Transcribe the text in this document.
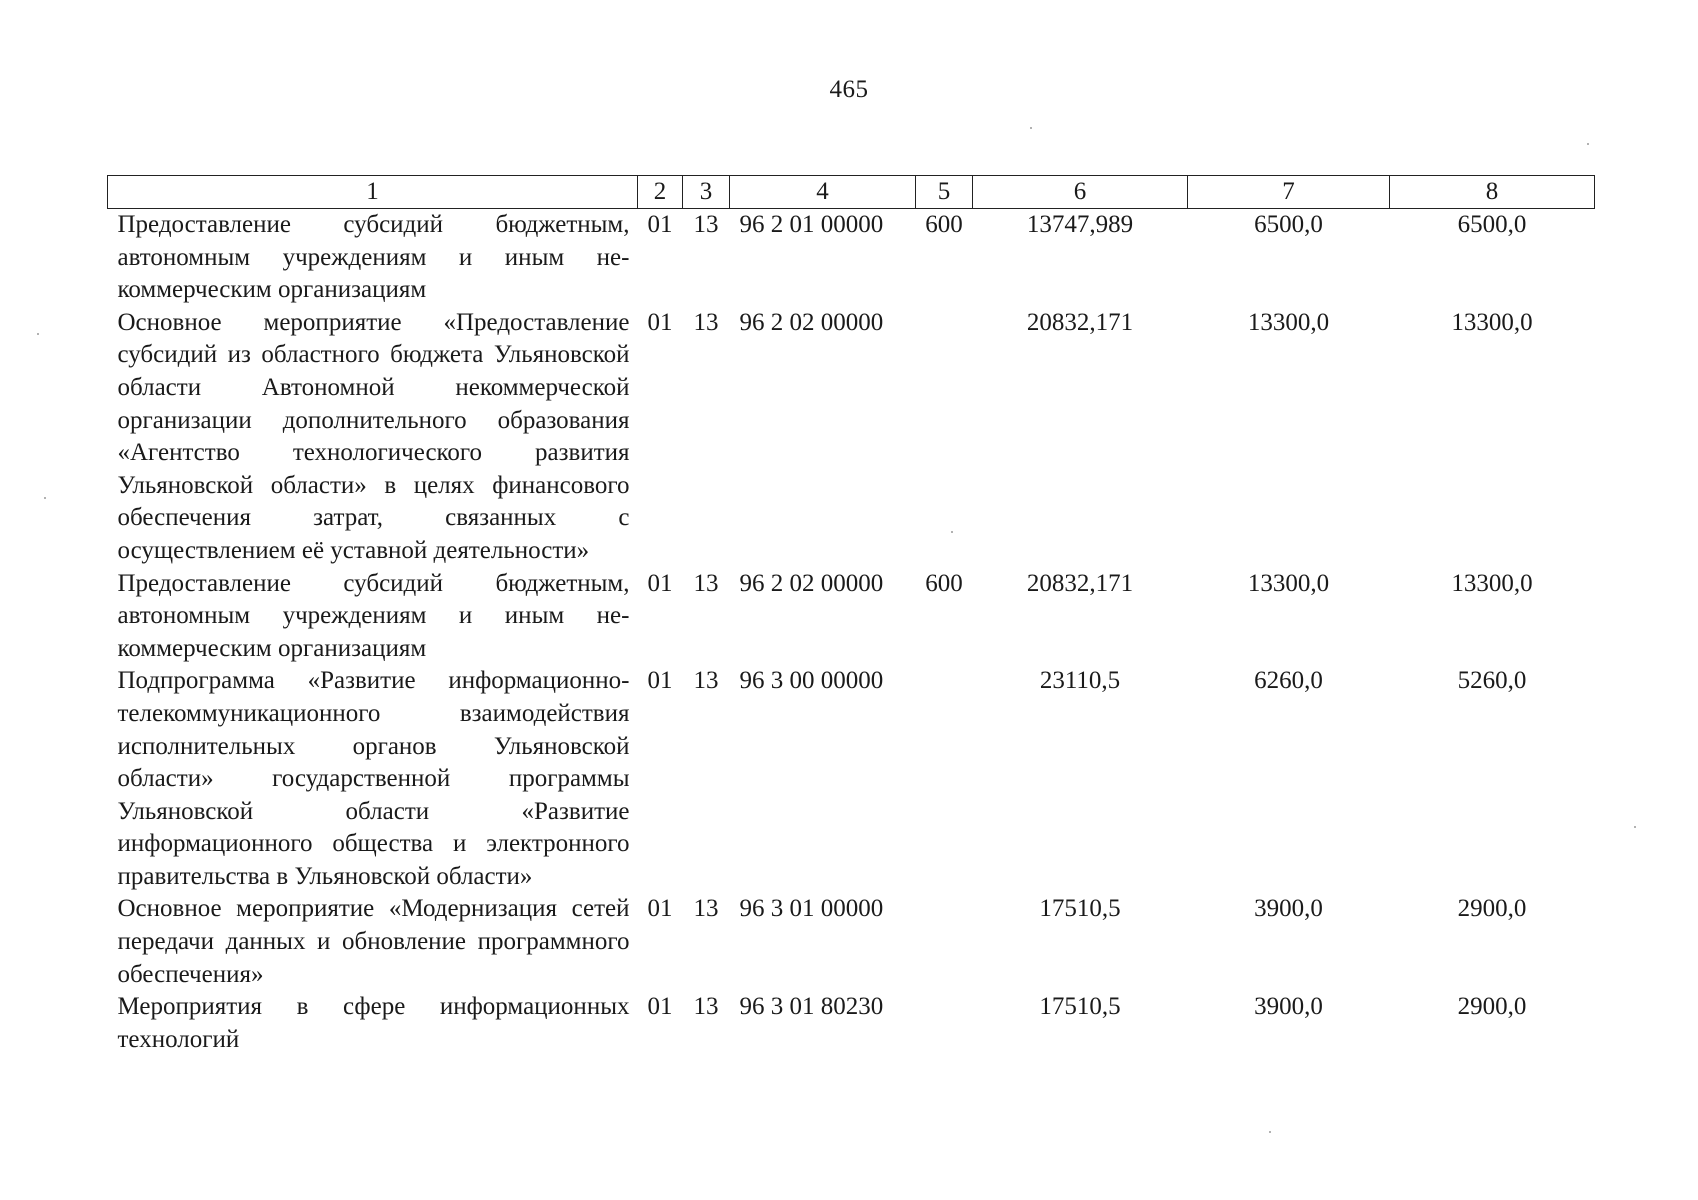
465
1	2	3	4	5	6	7	8
Предоставление субсидий бюджетным, автономным учреждениям и иным некоммерческим организациям	01	13	96 2 01 00000	600	13747,989	6500,0	6500,0
Основное мероприятие «Предоставление субсидий из областного бюджета Ульяновской области Автономной некоммерческой организации дополнительного образования «Агентство технологического развития Ульяновской области» в целях финансового обеспечения затрат, связанных с осуществлением её уставной деятельности»	01	13	96 2 02 00000		20832,171	13300,0	13300,0
Предоставление субсидий бюджетным, автономным учреждениям и иным некоммерческим организациям	01	13	96 2 02 00000	600	20832,171	13300,0	13300,0
Подпрограмма «Развитие информационно-телекоммуникационного взаимодействия исполнительных органов Ульяновской области» государственной программы Ульяновской области «Развитие информационного общества и электронного правительства в Ульяновской области»	01	13	96 3 00 00000		23110,5	6260,0	5260,0
Основное мероприятие «Модернизация сетей передачи данных и обновление программного обеспечения»	01	13	96 3 01 00000		17510,5	3900,0	2900,0
Мероприятия в сфере информационных технологий	01	13	96 3 01 80230		17510,5	3900,0	2900,0
